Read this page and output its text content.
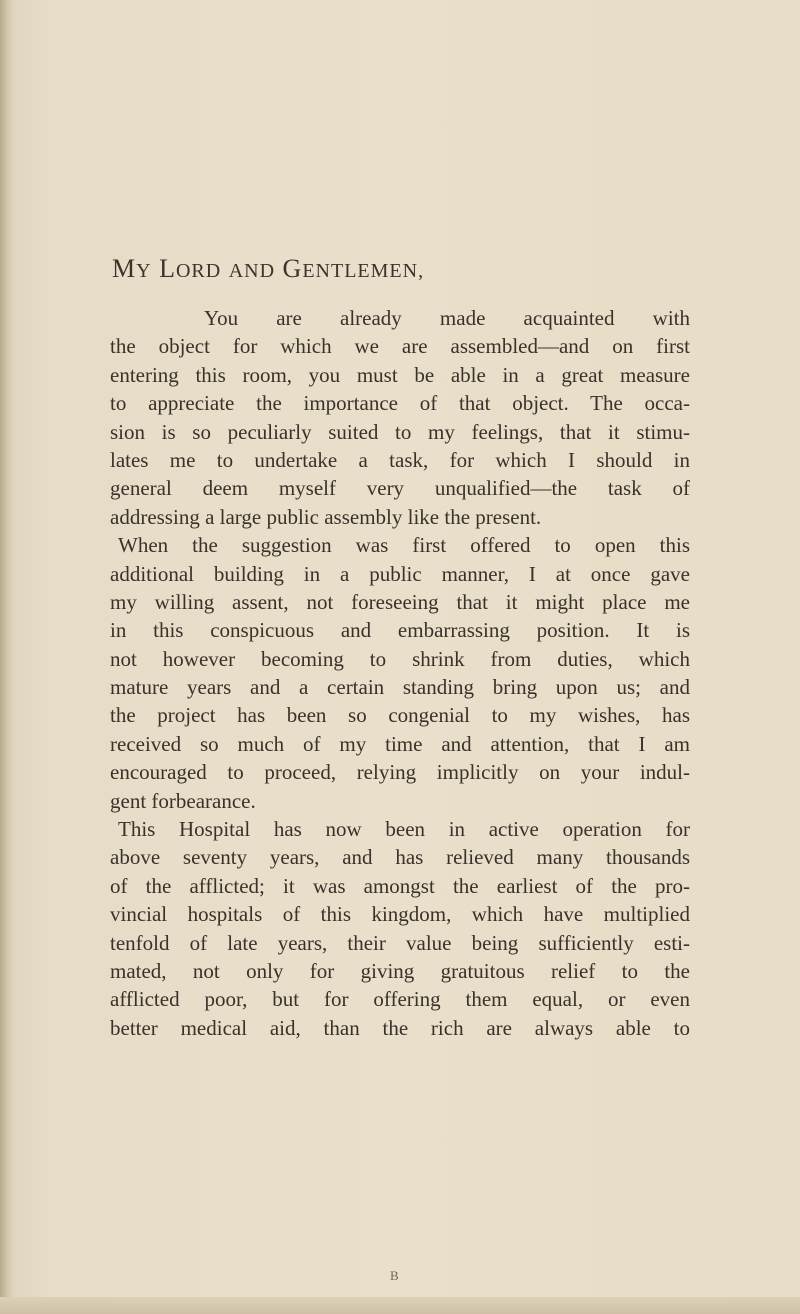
MY LORD AND GENTLEMEN,
You are already made acquainted with
the object for which we are assembled—and on first
entering this room, you must be able in a great measure
to appreciate the importance of that object. The occa-
sion is so peculiarly suited to my feelings, that it stimu-
lates me to undertake a task, for which I should in
general deem myself very unqualified—the task of
addressing a large public assembly like the present.
When the suggestion was first offered to open this
additional building in a public manner, I at once gave
my willing assent, not foreseeing that it might place me
in this conspicuous and embarrassing position. It is
not however becoming to shrink from duties, which
mature years and a certain standing bring upon us; and
the project has been so congenial to my wishes, has
received so much of my time and attention, that I am
encouraged to proceed, relying implicitly on your indul-
gent forbearance.
This Hospital has now been in active operation for
above seventy years, and has relieved many thousands
of the afflicted; it was amongst the earliest of the pro-
vincial hospitals of this kingdom, which have multiplied
tenfold of late years, their value being sufficiently esti-
mated, not only for giving gratuitous relief to the
afflicted poor, but for offering them equal, or even
better medical aid, than the rich are always able to
B
